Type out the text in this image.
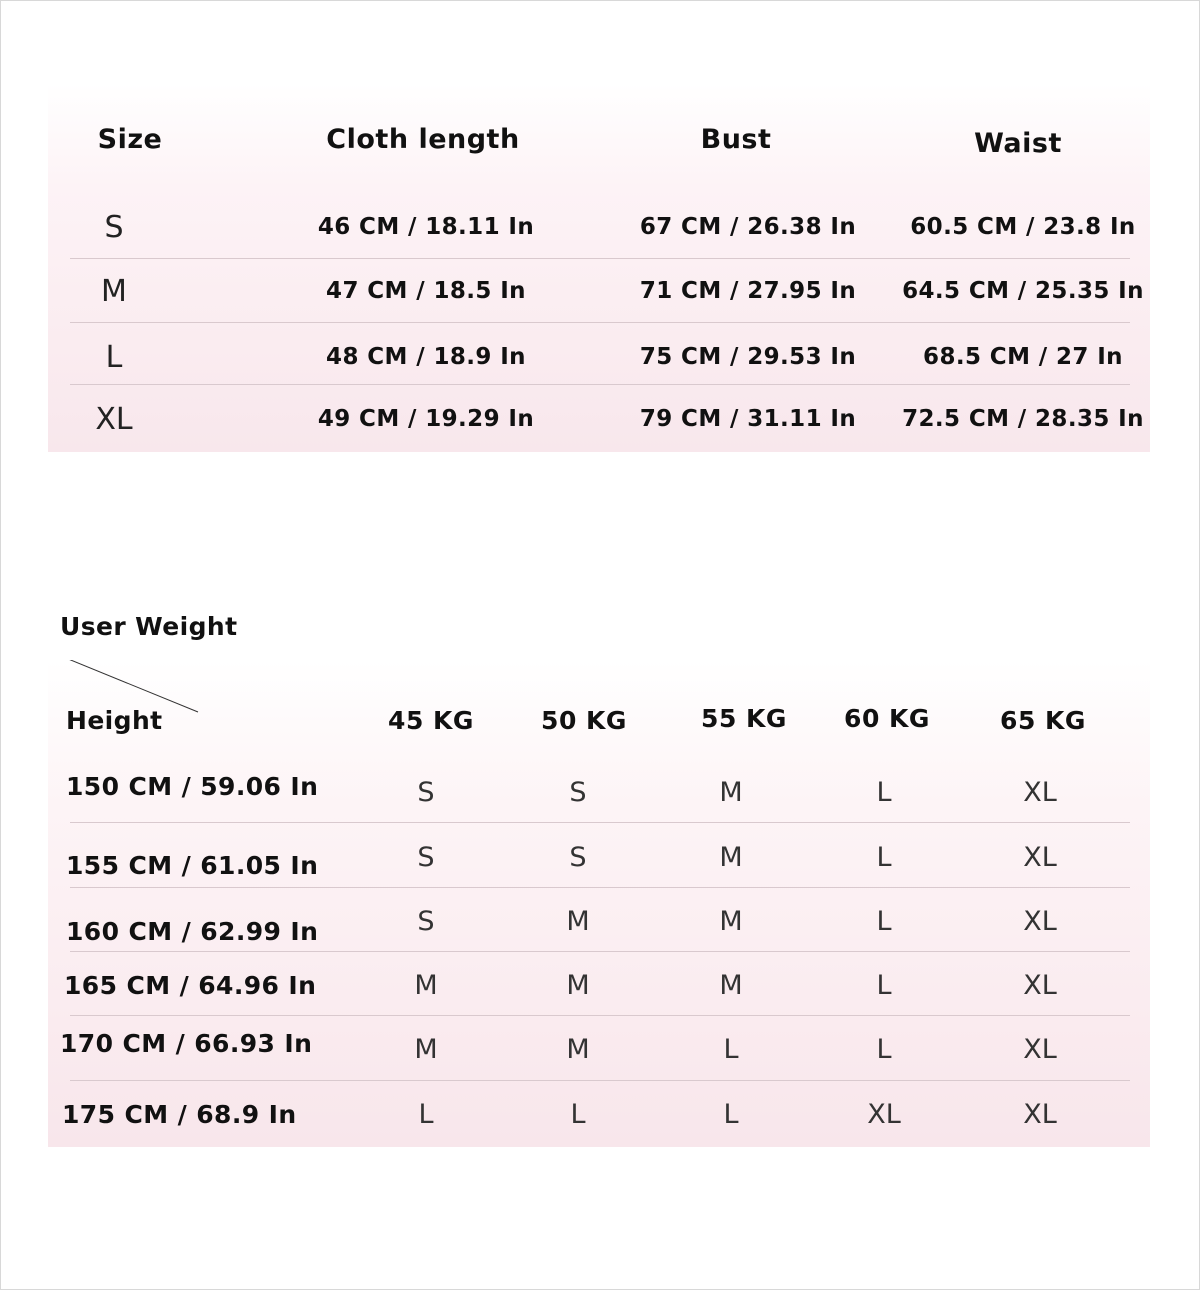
Size	Cloth length	Bust	Waist
S	46 CM / 18.11 In	67 CM / 26.38 In	60.5 CM / 23.8 In
M	47 CM / 18.5 In	71 CM / 27.95 In	64.5 CM / 25.35 In
L	48 CM / 18.9 In	75 CM / 29.53 In	68.5 CM / 27 In
XL	49 CM / 19.29 In	79 CM / 31.11 In	72.5 CM / 28.35 In
User Weight
Height	45 KG	50 KG	55 KG	60 KG	65 KG
150 CM / 59.06 In	S	S	M	L	XL
155 CM / 61.05 In	S	S	M	L	XL
160 CM / 62.99 In	S	M	M	L	XL
165 CM / 64.96 In	M	M	M	L	XL
170 CM / 66.93 In	M	M	L	L	XL
175 CM / 68.9 In	L	L	L	XL	XL
